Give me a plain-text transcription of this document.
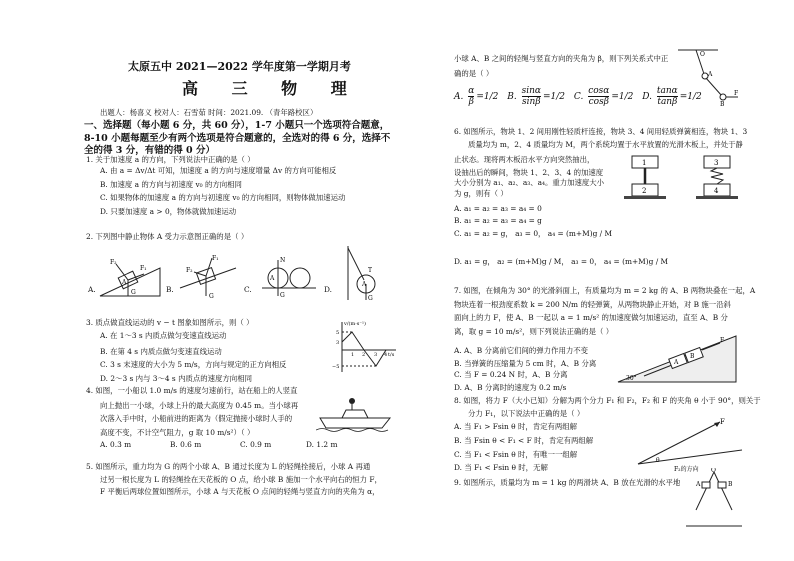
太原五中 2021—2022 学年度第一学期月考
高 三 物 理
出题人：杨喜义 校对人：石雪茹 时间：2021.09. （青年路校区）
一、选择题（每小题 6 分，共 60 分），1-7 小题只一个选项符合题意，8-10 小题每题至少有两个选项是符合题意的，全选对的得 6 分，选择不全的得 3 分，有错的得 0 分）
1. 关于加速度 a 的方向，下列说法中正确的是（ ）
A. 由 a = Δv/Δt 可知，加速度 a 的方向与速度增量 Δv 的方向可能相反
B. 加速度 a 的方向与初速度 v₀ 的方向相同
C. 如果物体的加速度 a 的方向与初速度 v₀ 的方向相同，则物体做加速运动
D. 只要加速度 a > 0，物体就做加速运动
2. 下列图中静止物体 A 受力示意图正确的是（ ）
A.	B.	C.	D.
F₂
F₁
G
A
F₁
F₂
G
N
A
G
T
A
G
3. 质点做直线运动的 v − t 图象如图所示，则（ ）
A. 在 1～3 s 内质点做匀变速直线运动
B. 在第 4 s 内质点做匀变速直线运动
C. 3 s 末速度的大小为 5 m/s，方向与规定的正方向相反
D. 2～3 s 内与 3～4 s 内质点的速度方向相同
v/(m·s⁻¹)
t/s
5
3
−5
1 2 3 4
4. 如图，一小船以 1.0 m/s 的速度匀速前行，站在船上的人竖直
向上抛出一小球，小球上升的最大高度为 0.45 m。当小球再
次落入手中时，小船前进的距离为（假定抛接小球时人手的
高度不变，不计空气阻力，g 取 10 m/s²）（ ）
A. 0.3 m	B. 0.6 m	C. 0.9 m	D. 1.2 m
5. 如图所示，重力均为 G 的两个小球 A、B 通过长度为 L 的轻绳拴接后，小球 A 再通
过另一根长度为 L 的轻绳拴在天花板的 O 点，给小球 B 施加一个水平向右的恒力 F，
F 平衡后两球位置如图所示，小球 A 与天花板 O 点间的轻绳与竖直方向的夹角为 α，
小球 A、B 之间的轻绳与竖直方向的夹角为 β，则下列关系式中正
确的是（ ）
O
A
B
F
A. $\frac{\alpha}{\beta} =1/2$ B. $\frac{\sin\alpha}{\sin\beta} =1/2$ C. $\frac{\cos\alpha}{\cos\beta} =1/2$ D. $\frac{\tan\alpha}{\tan\beta} =1/2$
6. 如图所示，物块 1、2 间用刚性轻质杆连接，物块 3、4 间用轻质弹簧相连，物块 1、3
质量均为 m，2、4 质量均为 M，两个系统均置于水平放置的光滑木板上，并处于静
止状态。现将两木板沿水平方向突然抽出，
设抽出后的瞬间，物块 1、2、3、4 的加速度
大小分别为 a₁、a₂、a₃、a₄。重力加速度大小
为 g，则有（ ）
A. a₁ = a₂ = a₃ = a₄ = 0
B. a₁ = a₂ = a₃ = a₄ = g
C. a₁ = a₂ = g， a₃ = 0， a₄ = (m+M)g / M
D. a₁ = g， a₂ = (m+M)g / M， a₃ = 0， a₄ = (m+M)g / M
1
2
3
4
7. 如图，在倾角为 30° 的光滑斜面上，有质量均为 m = 2 kg 的 A、B 两物块叠在一起，A
物块连着一根劲度系数 k = 200 N/m 的轻弹簧，从两物块静止开始，对 B 施一沿斜
面向上的力 F，使 A、B 一起以 a = 1 m/s² 的加速度做匀加速运动，直至 A、B 分
离，取 g = 10 m/s²，则下列说法正确的是（ ）
A. A、B 分离前它们间的弹力作用力不变
B. 当弹簧的压缩量为 5 cm 时，A、B 分离
C. 当 F = 0.24 N 时，A、B 分离
D. A、B 分离时的速度为 0.2 m/s
A
B
F
30°
8. 如图，将力 F（大小已知）分解为两个分力 F₁ 和 F₂，F₂ 和 F 的夹角 θ 小于 90°，则关于
分力 F₁，以下说法中正确的是（ ）
A. 当 F₁ > Fsin θ 时，肯定有两组解
B. 当 Fsin θ < F₁ < F 时，肯定有两组解
C. 当 F₁ < Fsin θ 时，有唯一一组解
D. 当 F₁ < Fsin θ 时，无解
F
θ
F₂的方向
9. 如图所示，质量均为 m = 1 kg 的两滑块 A、B 放在光滑的水平地
O
A	B
